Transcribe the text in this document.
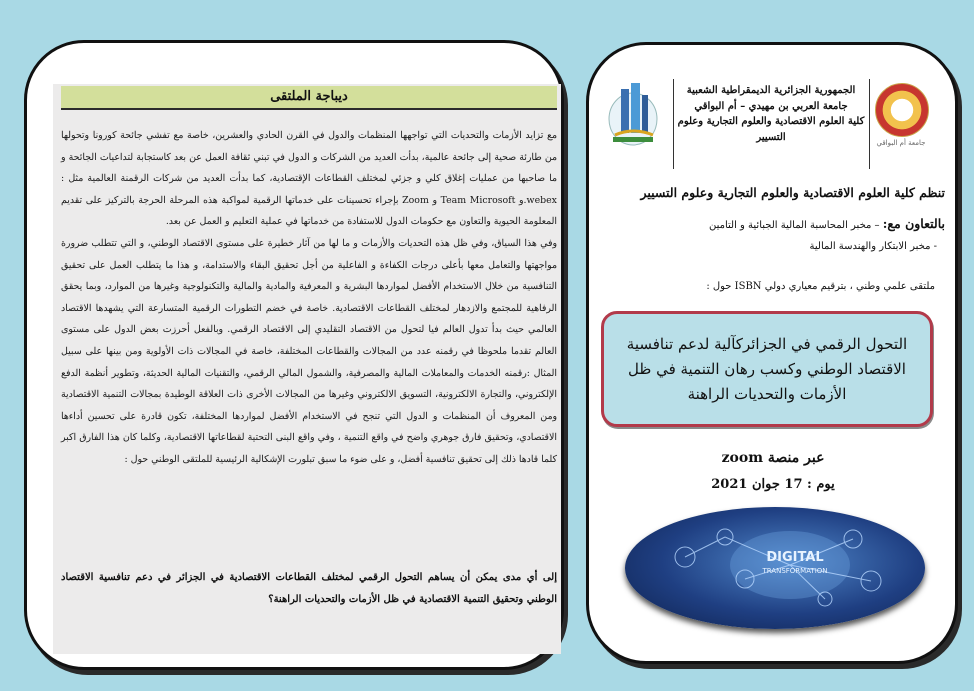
ديباجة الملتقى

مع تزايد الأزمات والتحديات التي تواجهها المنظمات والدول في القرن الحادي والعشرين، خاصة مع تفشي جائحة كورونا وتحولها من طارئة صحية إلى جائحة عالمية، بدأت العديد من الشركات و الدول في تبني ثقافة العمل عن بعد كاستجابة لتداعيات الجائحة و ما صاحبها من عمليات إغلاق كلي و جزئي لمختلف القطاعات الإقتصادية، كما بدأت العديد من شركات الرقمنة العالمية مثل : webex.و Team Microsoft و Zoom بإجراء تحسينات على خدماتها الرقمية لمواكبة هذه المرحلة الحرجة بالتركيز على تقديم المعلومة الحيوية والتعاون مع حكومات الدول للاستفادة من خدماتها في عملية التعليم و العمل عن بعد.

وفي هذا السياق، وفي ظل هذه التحديات والأزمات و ما لها من آثار خطيرة على مستوى الاقتصاد الوطني، و التي تتطلب ضرورة مواجهتها والتعامل معها بأعلى درجات الكفاءة و الفاعلية من أجل تحقيق البقاء والاستدامة، و هذا ما يتطلب العمل على تحقيق التنافسية من خلال الاستخدام الأفضل لمواردها البشرية و المعرفية والمادية والمالية والتكنولوجية وغيرها من الموارد، وبما يحقق الرفاهية للمجتمع والازدهار لمختلف القطاعات الاقتصادية. خاصة في خضم التطورات الرقمية المتسارعة التي يشهدها الاقتصاد العالمي حيث بدأ تدول العالم فيا لتحول من الاقتصاد التقليدي إلى الاقتصاد الرقمي. وبالفعل أحرزت بعض الدول على مستوى العالم تقدما ملحوظا في رقمنه عدد من المجالات والقطاعات المختلفة، خاصة في المجالات ذات الأولوية ومن بينها على سبيل المثال :رقمنه الخدمات والمعاملات المالية والمصرفية، والشمول المالي الرقمي، والتقنيات المالية الحديثة، وتطوير أنظمة الدفع الإلكتروني، والتجارة الالكترونية، التسويق الالكتروني وغيرها من المجالات الأخرى ذات العلاقة الوطيدة بمجالات التنمية الاقتصادية ومن المعروف أن المنظمات و الدول التي تنجح في الاستخدام الأفضل لمواردها المختلفة، تكون قادرة على تحسين أداءها الاقتصادي، وتحقيق فارق جوهري واضح في واقع التنمية ، وفي واقع البنى التحتية لقطاعاتها الاقتصادية، وكلما كان هذا الفارق اكبر كلما قادها ذلك إلى تحقيق تنافسية أفضل، و على ضوء ما سبق تبلورت الإشكالية الرئيسية للملتقى الوطني حول :

إلى أي مدى يمكن أن يساهم التحول الرقمي لمختلف القطاعات الاقتصادية في الجزائر في دعم تنافسية الاقتصاد الوطني وتحقيق التنمية الاقتصادية في ظل الأزمات والتحديات الراهنة؟
الجمهورية الجزائرية الديمقراطية الشعبية
جامعة العربي بن مهيدي – أم البواقي
كلية العلوم الاقتصادية والعلوم التجارية وعلوم التسيير
جامعة أم البواقي
تنظم كلية العلوم الاقتصادية والعلوم التجارية وعلوم التسيير
بالتعاون مع: – مخبر المحاسبة المالية الجبائية و التامين
- مخبر الابتكار والهندسة المالية
ملتقى علمي وطني ، بترقيم معياري دولي ISBN حول :
التحول الرقمي في الجزائركآلية لدعم تنافسية الاقتصاد الوطني وكسب رهان التنمية في ظل الأزمات والتحديات الراهنة
عبر منصة zoom
يوم : 17 جوان 2021
DIGITAL
TRANSFORMATION
